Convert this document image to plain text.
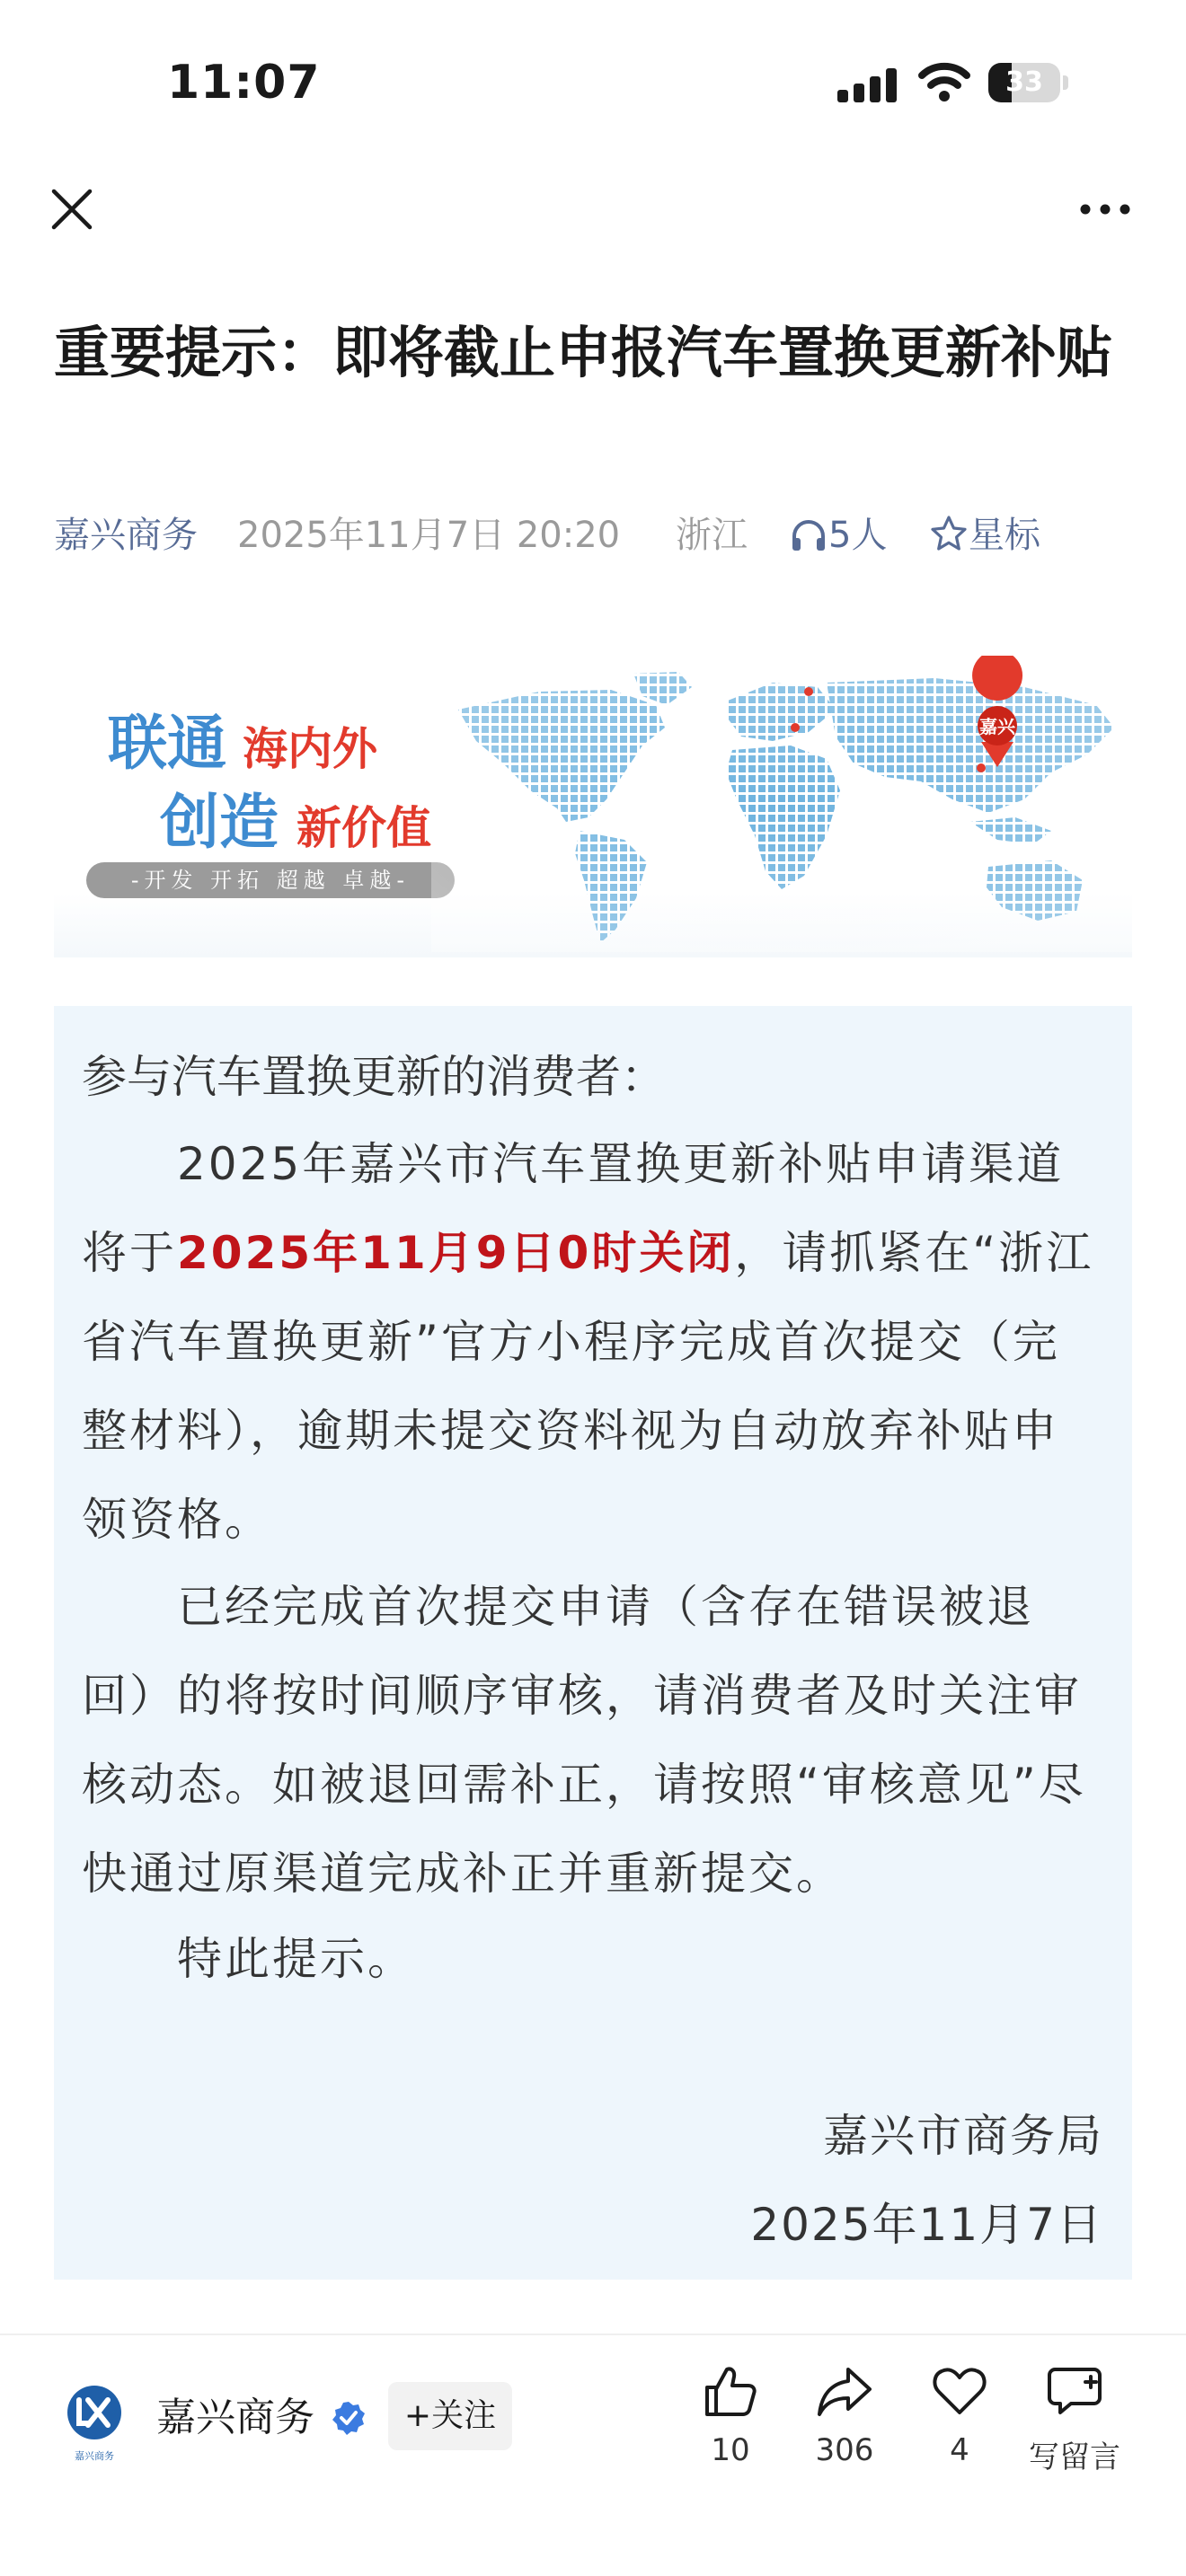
11:07	33
重要提示：即将截止申报汽车置换更新补贴
嘉兴商务 2025年11月7日 20:20 浙江	5人	星标
联通 海内外
创造 新价值
-开发 开拓 超越 卓越-
嘉兴
参与汽车置换更新的消费者：
2025年嘉兴市汽车置换更新补贴申请渠道将于2025年11月9日0时关闭，请抓紧在“浙江省汽车置换更新”官方小程序完成首次提交（完整材料），逾期未提交资料视为自动放弃补贴申领资格。
已经完成首次提交申请（含存在错误被退回）的将按时间顺序审核，请消费者及时关注审核动态。如被退回需补正，请按照“审核意见”尽快通过原渠道完成补正并重新提交。
特此提示。
嘉兴市商务局
2025年11月7日
嘉兴商务
嘉兴商务	+关注
10	306	4	写留言
